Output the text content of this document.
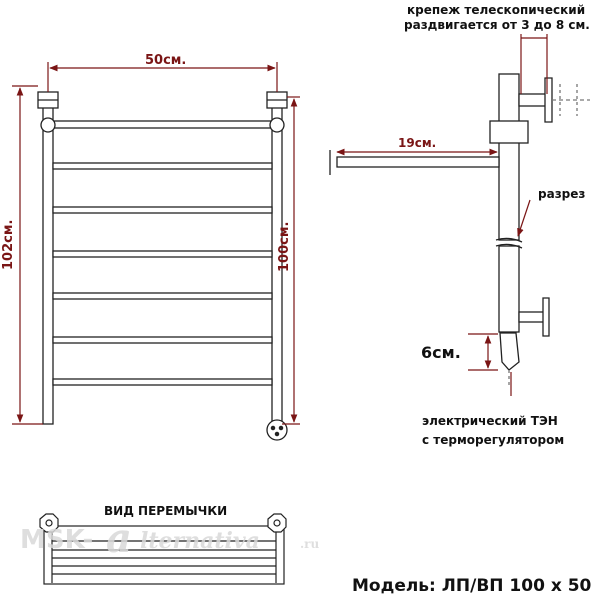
50см.
102см.	100см.
крепеж телескопический
раздвигается от 3 до 8 см.
19см.
разрез
6см.
электрический ТЭН
с терморегулятором
ВИД ПЕРЕМЫЧКИ
MSK- a lternativa	.ru
Модель: ЛП/ВП 100 х 50
